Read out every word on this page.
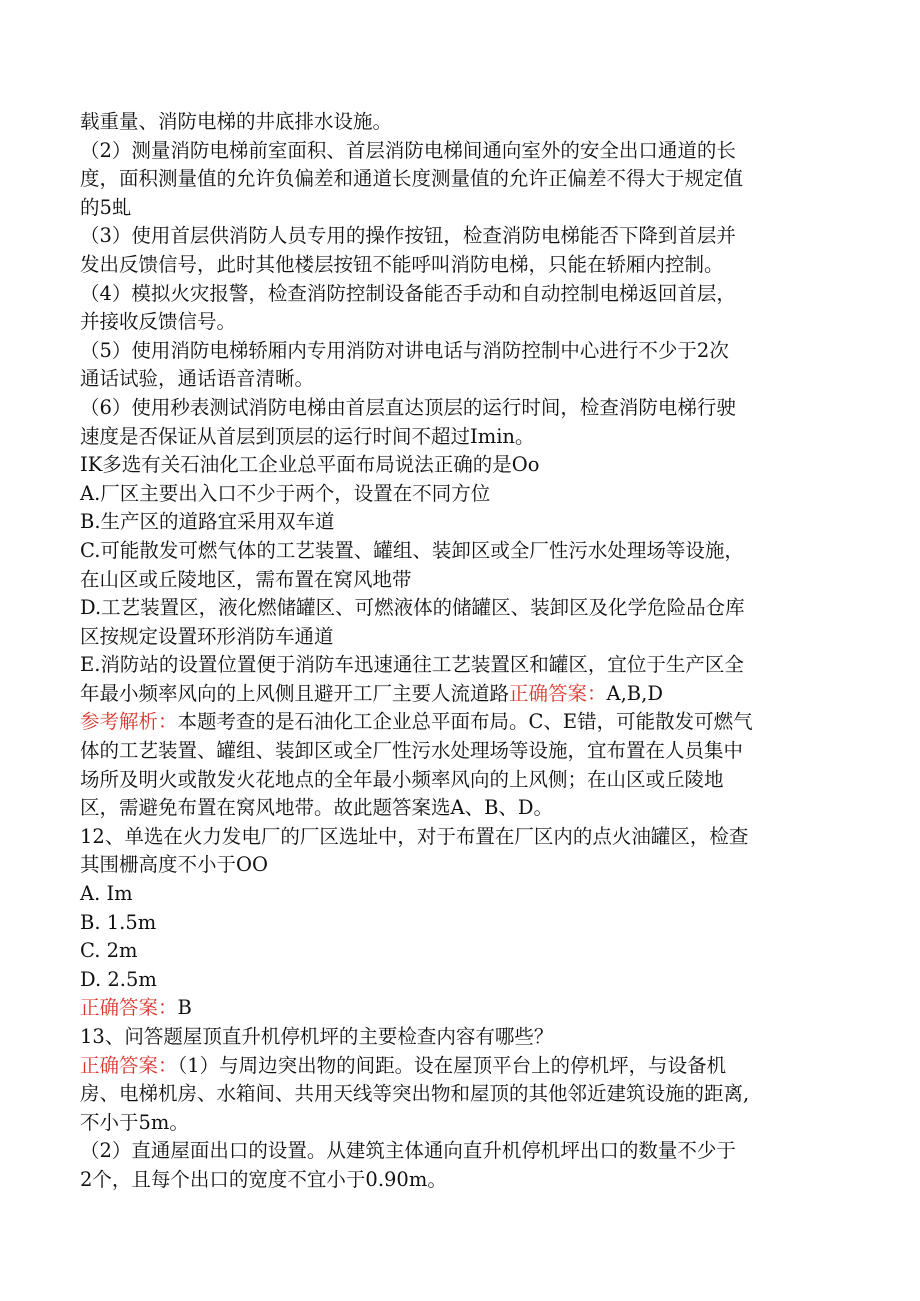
载重量、消防电梯的井底排水设施。
（2）测量消防电梯前室面积、首层消防电梯间通向室外的安全出口通道的长
度，面积测量值的允许负偏差和通道长度测量值的允许正偏差不得大于规定值
的5虬
（3）使用首层供消防人员专用的操作按钮，检查消防电梯能否下降到首层并
发出反馈信号，此时其他楼层按钮不能呼叫消防电梯，只能在轿厢内控制。
（4）模拟火灾报警，检查消防控制设备能否手动和自动控制电梯返回首层，
并接收反馈信号。
（5）使用消防电梯轿厢内专用消防对讲电话与消防控制中心进行不少于2次
通话试验，通话语音清晰。
（6）使用秒表测试消防电梯由首层直达顶层的运行时间，检查消防电梯行驶
速度是否保证从首层到顶层的运行时间不超过Imin。
IK多选有关石油化工企业总平面布局说法正确的是Oo
A.厂区主要出入口不少于两个，设置在不同方位
B.生产区的道路宜采用双车道
C.可能散发可燃气体的工艺装置、罐组、装卸区或全厂性污水处理场等设施，
在山区或丘陵地区，需布置在窝风地带
D.工艺装置区，液化燃储罐区、可燃液体的储罐区、装卸区及化学危险品仓库
区按规定设置环形消防车通道
E.消防站的设置位置便于消防车迅速通往工艺装置区和罐区，宜位于生产区全
年最小频率风向的上风侧且避开工厂主要人流道路正确答案：A,B,D
参考解析：本题考查的是石油化工企业总平面布局。C、E错，可能散发可燃气
体的工艺装置、罐组、装卸区或全厂性污水处理场等设施，宜布置在人员集中
场所及明火或散发火花地点的全年最小频率风向的上风侧；在山区或丘陵地
区，需避免布置在窝风地带。故此题答案选A、B、D。
12、单选在火力发电厂的厂区选址中，对于布置在厂区内的点火油罐区，检查
其围栅高度不小于OO
A. Im
B. 1.5m
C. 2m
D. 2.5m
正确答案：B
13、问答题屋顶直升机停机坪的主要检查内容有哪些？
正确答案：（1）与周边突出物的间距。设在屋顶平台上的停机坪，与设备机
房、电梯机房、水箱间、共用天线等突出物和屋顶的其他邻近建筑设施的距离,
不小于5m。
（2）直通屋面出口的设置。从建筑主体通向直升机停机坪出口的数量不少于
2个，且每个出口的宽度不宜小于0.90m。
